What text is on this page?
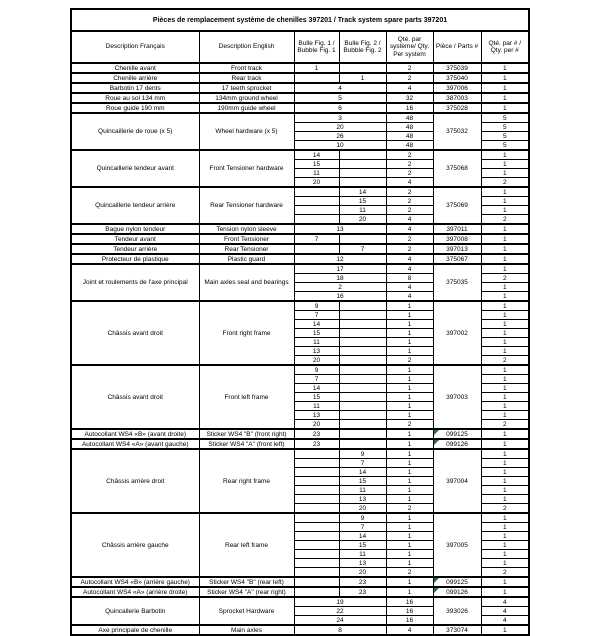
Pièces de remplacement système de chenilles 397201 / Track system spare parts 397201						
Description Français	Description English	Bulle Fig. 1 / Bubble Fig. 1	Bulle Fig. 2 / Bubble Fig. 2	Qté. par système/ Qty. Per system	Pièce / Parts #	Qté. par # / Qty. per #
Chenille avant	Front track	1		2	375039	1
Chenille arrière	Rear track		1	2	375040	1
Barbotin 17 dents	17 teeth sprocket	4		4	397006	1
Roue au sol 134 mm	134mm ground wheel	5		32	387003	1
Roue guide 190 mm	190mm guide wheel	6		16	375028	1
Quincaillerie de roue (x 5)	Wheel hardware (x 5)	3		48	375032	5
		20		48		5
		26		48		5
		10		48		5
Quincaillerie tendeur avant	Front Tensioner hardware	14		2	375068	1
		15		2		1
		11		2		1
		20		4		2
Quincaillerie tendeur arrière	Rear Tensioner hardware		14	2	375069	1
			15	2		1
			11	2		1
			20	4		2
Bague nylon tendeur	Tension nylon sleeve	13		4	397011	1
Tendeur avant	Front Tensioner	7		2	397008	1
Tendeur arrière	Rear Tensioner		7	2	397013	1
Protecteur de plastique	Plastic guard	12		4	375067	1
Joint et roulements de l'axe principal	Main axles seal and bearings	17		4	375035	1
		18		8		2
		2		4		1
		16		4		1
Châssis avant droit	Front right frame	9		1	397002	1
		7		1		1
		14		1		1
		15		1		1
		11		1		1
		13		1		1
		20		2		2
Châssis avant droit	Front left frame	9		1	397003	1
		7		1		1
		14		1		1
		15		1		1
		11		1		1
		13		1		1
		20		2		2
Autocollant WS4 «B» (avant droite)	Sticker WS4 "B" (front right)	23		1	099125	1
Autocollant WS4 «A» (avant gauche)	Sticker WS4 "A" (front left)	23		1	099126	1
Châssis arrière droit	Rear right frame		9	1	397004	1
			7	1		1
			14	1		1
			15	1		1
			11	1		1
			13	1		1
			20	2		2
Châssis arrière gauche	Rear left frame		9	1	397005	1
			7	1		1
			14	1		1
			15	1		1
			11	1		1
			13	1		1
			20	2		2
Autocollant WS4 «B» (arrière gauche)	Sticker WS4 "B" (rear left)		23	1	099125	1
Autocollant WS4 «A» (arrière droite)	Sticker WS4 "A" (rear right)		23	1	099126	1
Quincallerie Barbotin	Sprocket Hardware	19		16	393026	4
		22		16		4
		24		16		4
Axe principale de chenille	Main axles	8		4	373074	1
